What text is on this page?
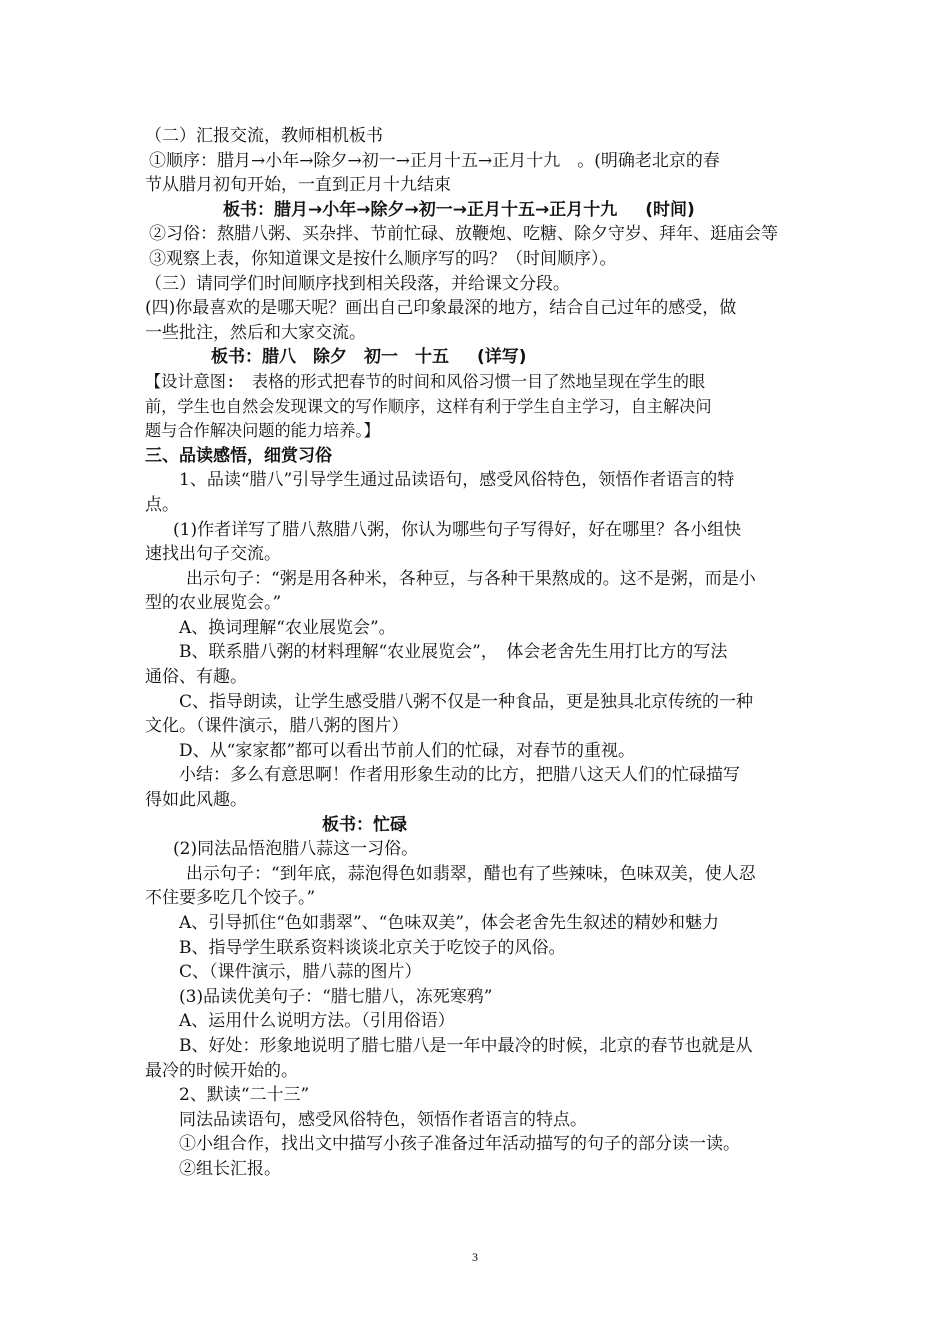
（二）汇报交流，教师相机板书

①顺序：腊月→小年→除夕→初一→正月十五→正月十九　。(明确老北京的春

节从腊月初旬开始，一直到正月十九结束

板书：腊月→小年→除夕→初一→正月十五→正月十九 (时间)

②习俗：熬腊八粥、买杂拌、节前忙碌、放鞭炮、吃糖、除夕守岁、拜年、逛庙会等

③观察上表，你知道课文是按什么顺序写的吗？（时间顺序）。

（三）请同学们时间顺序找到相关段落，并给课文分段。

(四)你最喜欢的是哪天呢？画出自己印象最深的地方，结合自己过年的感受，做

一些批注，然后和大家交流。

板书：腊八　除夕　初一　十五 (详写)

【设计意图:　表格的形式把春节的时间和风俗习惯一目了然地呈现在学生的眼

前，学生也自然会发现课文的写作顺序，这样有利于学生自主学习，自主解决问

题与合作解决问题的能力培养。】

三、品读感悟，细赏习俗

1、品读“腊八”引导学生通过品读语句，感受风俗特色，领悟作者语言的特

点。

(1)作者详写了腊八熬腊八粥，你认为哪些句子写得好，好在哪里？各小组快

速找出句子交流。

出示句子：“粥是用各种米，各种豆，与各种干果熬成的。这不是粥，而是小

型的农业展览会。”

A、换词理解“农业展览会”。

B、联系腊八粥的材料理解“农业展览会”，　体会老舍先生用打比方的写法

通俗、有趣。

C、指导朗读，让学生感受腊八粥不仅是一种食品，更是独具北京传统的一种

文化。（课件演示，腊八粥的图片）

D、从“家家都”都可以看出节前人们的忙碌，对春节的重视。

小结：多么有意思啊！作者用形象生动的比方，把腊八这天人们的忙碌描写

得如此风趣。

板书：忙碌

(2)同法品悟泡腊八蒜这一习俗。

出示句子：“到年底，蒜泡得色如翡翠，醋也有了些辣味，色味双美，使人忍

不住要多吃几个饺子。”

A、引导抓住“色如翡翠”、“色味双美”，体会老舍先生叙述的精妙和魅力

B、指导学生联系资料谈谈北京关于吃饺子的风俗。

C、（课件演示，腊八蒜的图片）

(3)品读优美句子：“腊七腊八，冻死寒鸦”

A、运用什么说明方法。（引用俗语）

B、好处：形象地说明了腊七腊八是一年中最冷的时候，北京的春节也就是从

最冷的时候开始的。

2、默读“二十三”

同法品读语句，感受风俗特色，领悟作者语言的特点。

①小组合作，找出文中描写小孩子准备过年活动描写的句子的部分读一读。

②组长汇报。

3
